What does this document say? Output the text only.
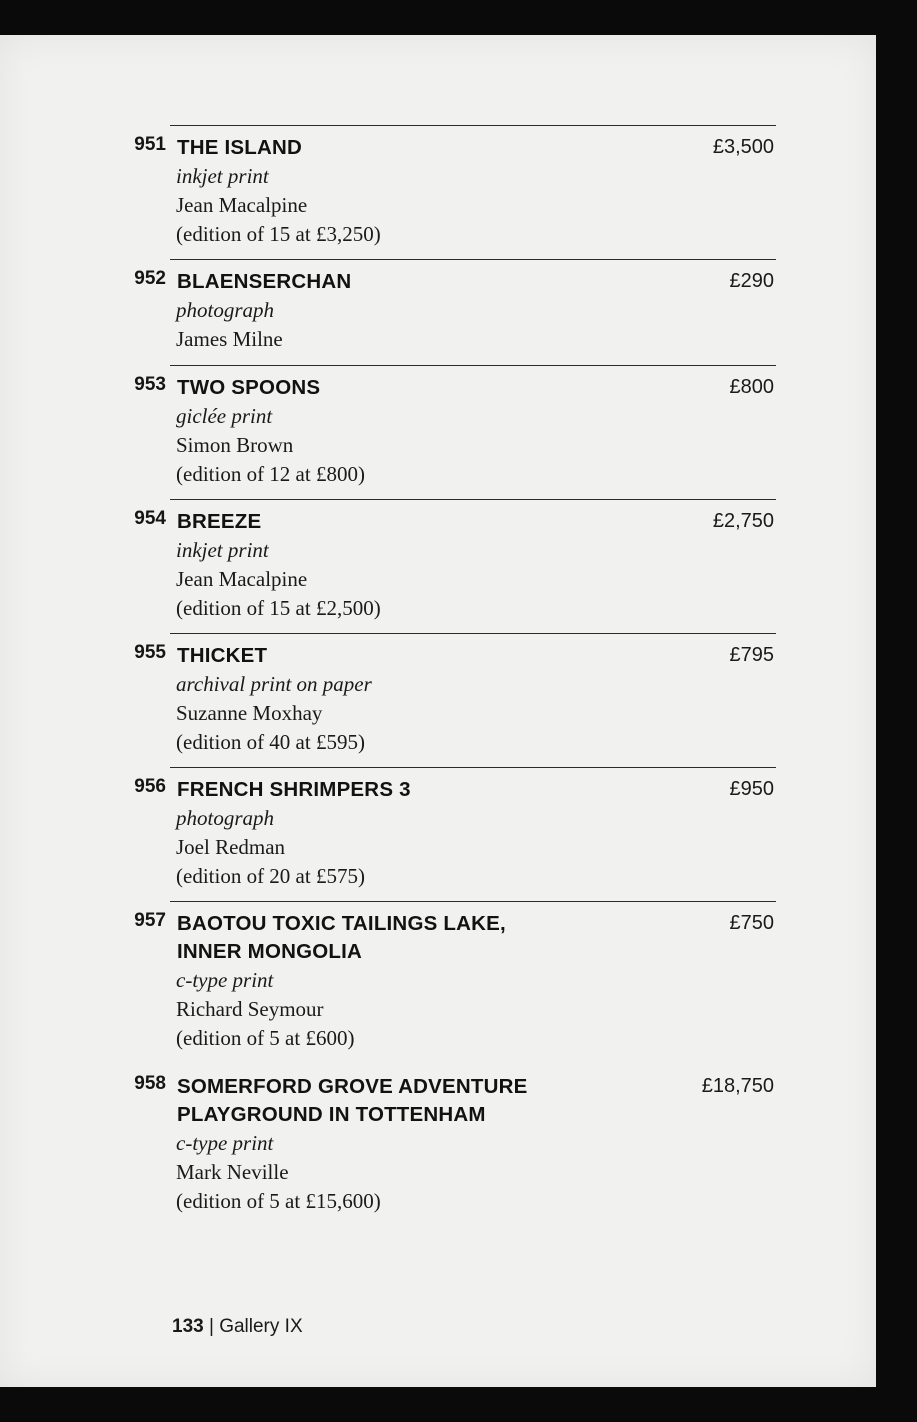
951	£3,500
THE ISLAND
inkjet print
Jean Macalpine
(edition of 15 at £3,250)
952	£290
BLAENSERCHAN
photograph
James Milne
953	£800
TWO SPOONS
giclée print
Simon Brown
(edition of 12 at £800)
954	£2,750
BREEZE
inkjet print
Jean Macalpine
(edition of 15 at £2,500)
955	£795
THICKET
archival print on paper
Suzanne Moxhay
(edition of 40 at £595)
956	£950
FRENCH SHRIMPERS 3
photograph
Joel Redman
(edition of 20 at £575)
957	£750
BAOTOU TOXIC TAILINGS LAKE,
INNER MONGOLIA
c-type print
Richard Seymour
(edition of 5 at £600)
958	£18,750
SOMERFORD GROVE ADVENTURE
PLAYGROUND IN TOTTENHAM
c-type print
Mark Neville
(edition of 5 at £15,600)
133 | Gallery IX
